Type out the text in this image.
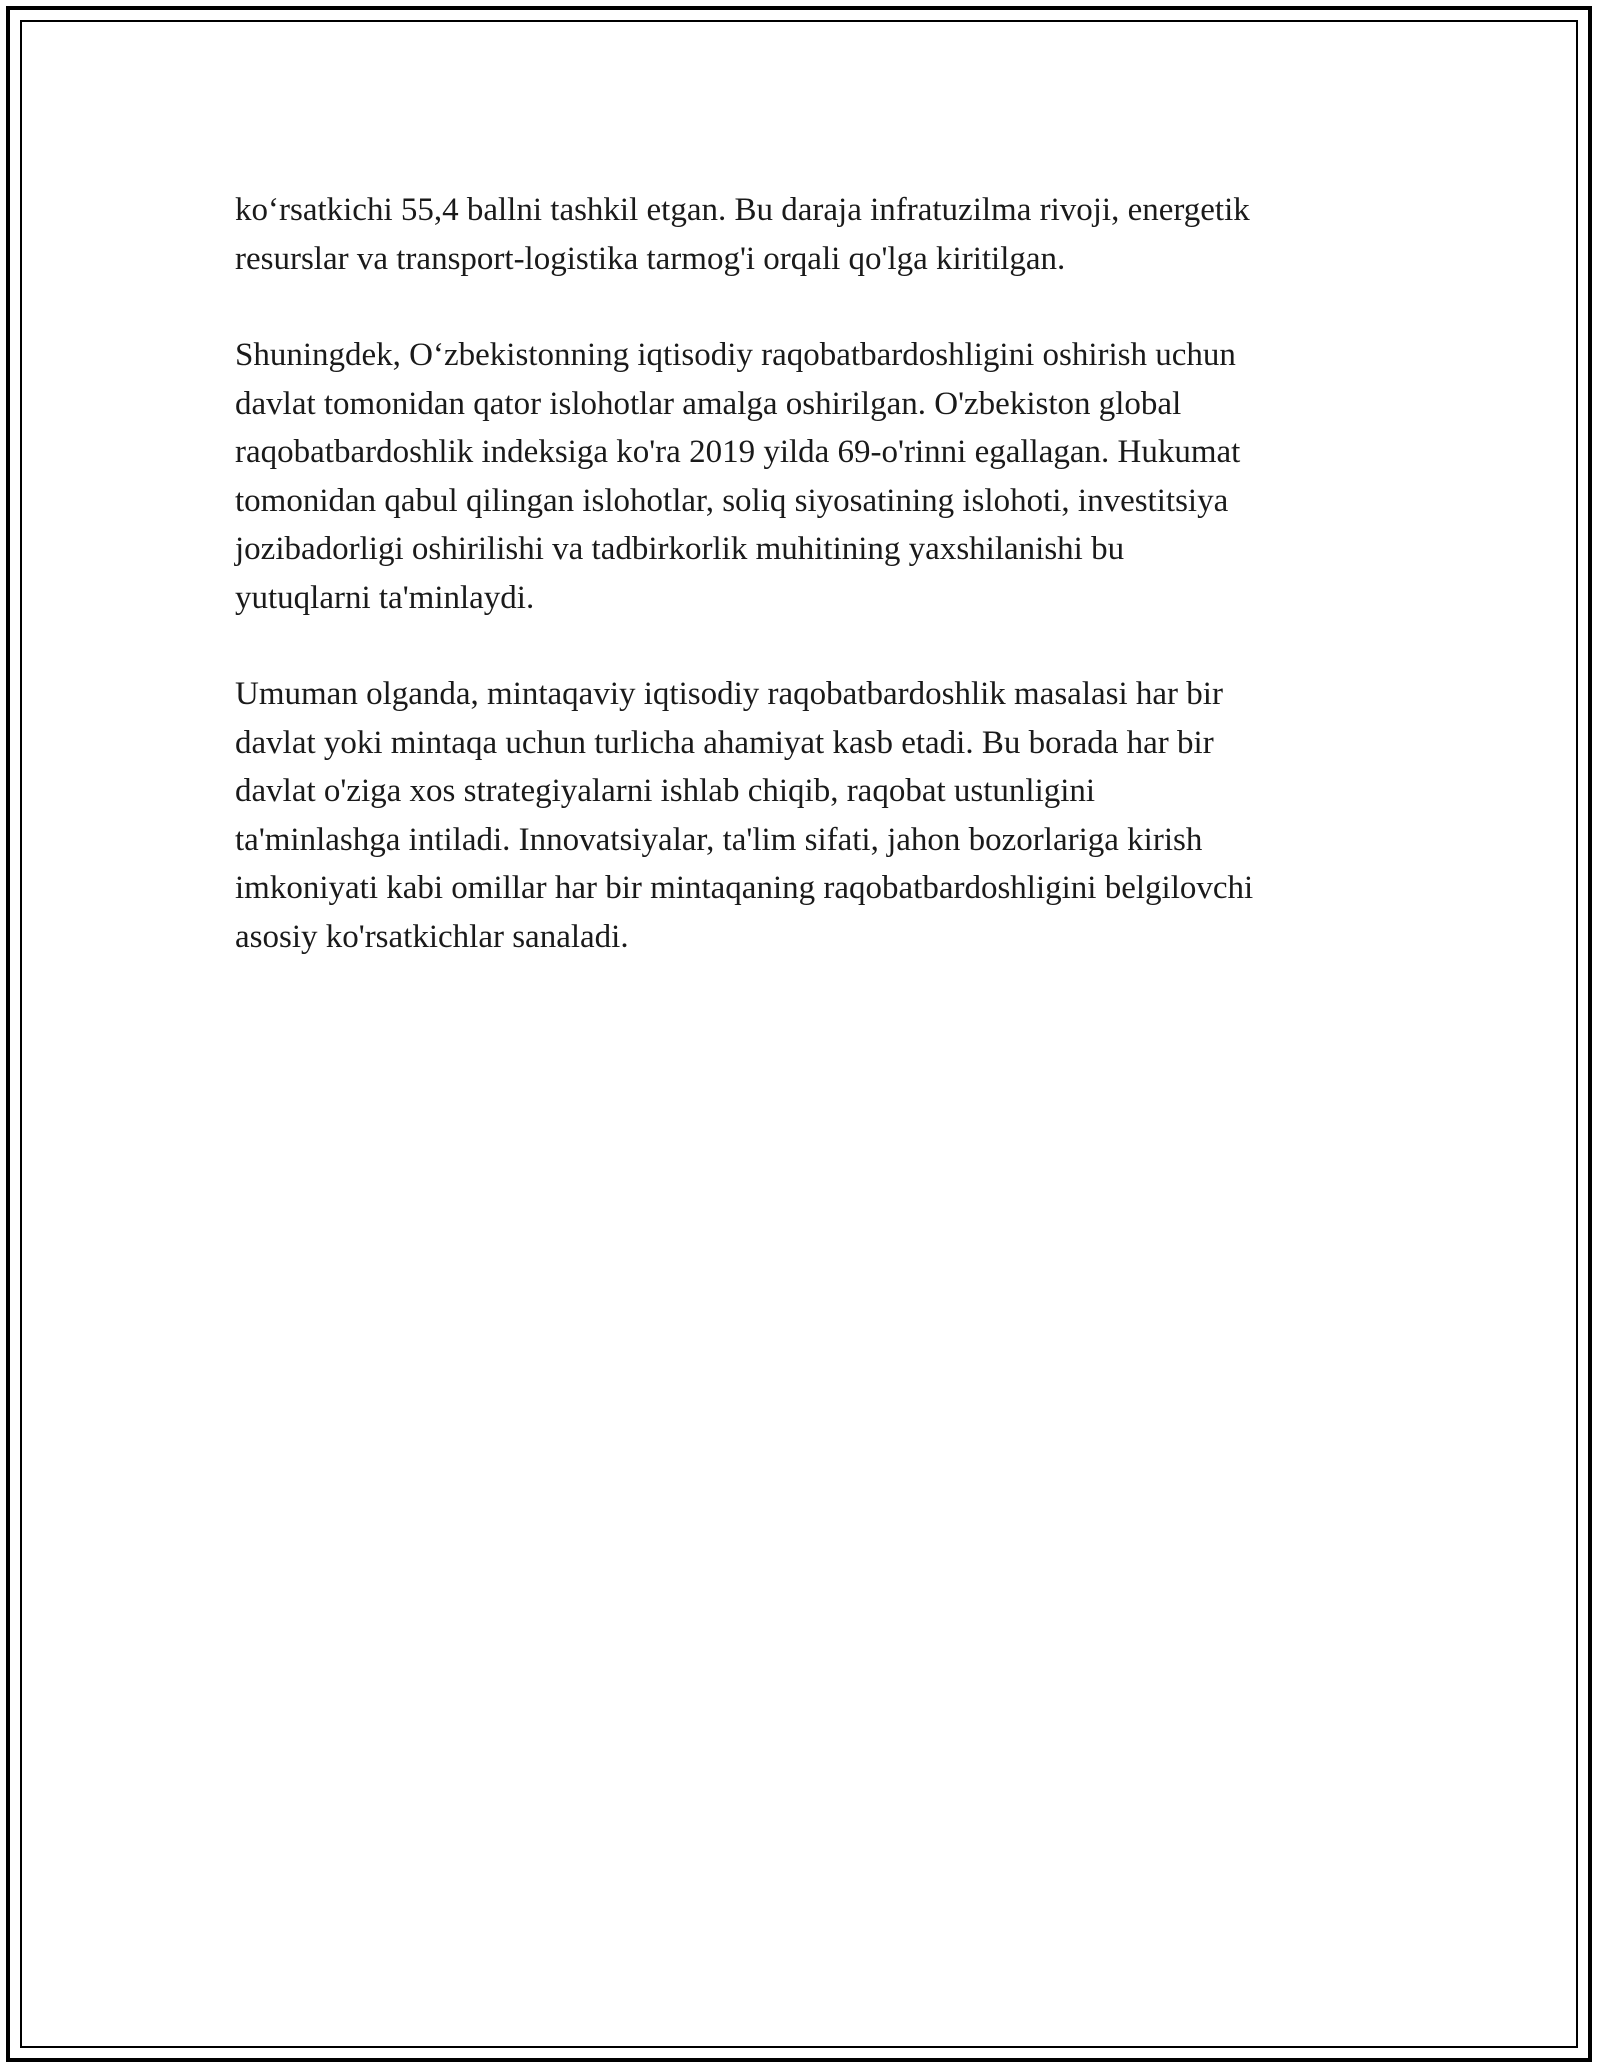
ko‘rsatkichi 55,4 ballni tashkil etgan. Bu daraja infratuzilma rivoji, energetik
resurslar va transport-logistika tarmog'i orqali qo'lga kiritilgan.

Shuningdek, O‘zbekistonning iqtisodiy raqobatbardoshligini oshirish uchun
davlat tomonidan qator islohotlar amalga oshirilgan. O'zbekiston global
raqobatbardoshlik indeksiga ko'ra 2019 yilda 69-o'rinni egallagan. Hukumat
tomonidan qabul qilingan islohotlar, soliq siyosatining islohoti, investitsiya
jozibadorligi oshirilishi va tadbirkorlik muhitining yaxshilanishi bu
yutuqlarni ta'minlaydi.

Umuman olganda, mintaqaviy iqtisodiy raqobatbardoshlik masalasi har bir
davlat yoki mintaqa uchun turlicha ahamiyat kasb etadi. Bu borada har bir
davlat o'ziga xos strategiyalarni ishlab chiqib, raqobat ustunligini
ta'minlashga intiladi. Innovatsiyalar, ta'lim sifati, jahon bozorlariga kirish
imkoniyati kabi omillar har bir mintaqaning raqobatbardoshligini belgilovchi
asosiy ko'rsatkichlar sanaladi.
